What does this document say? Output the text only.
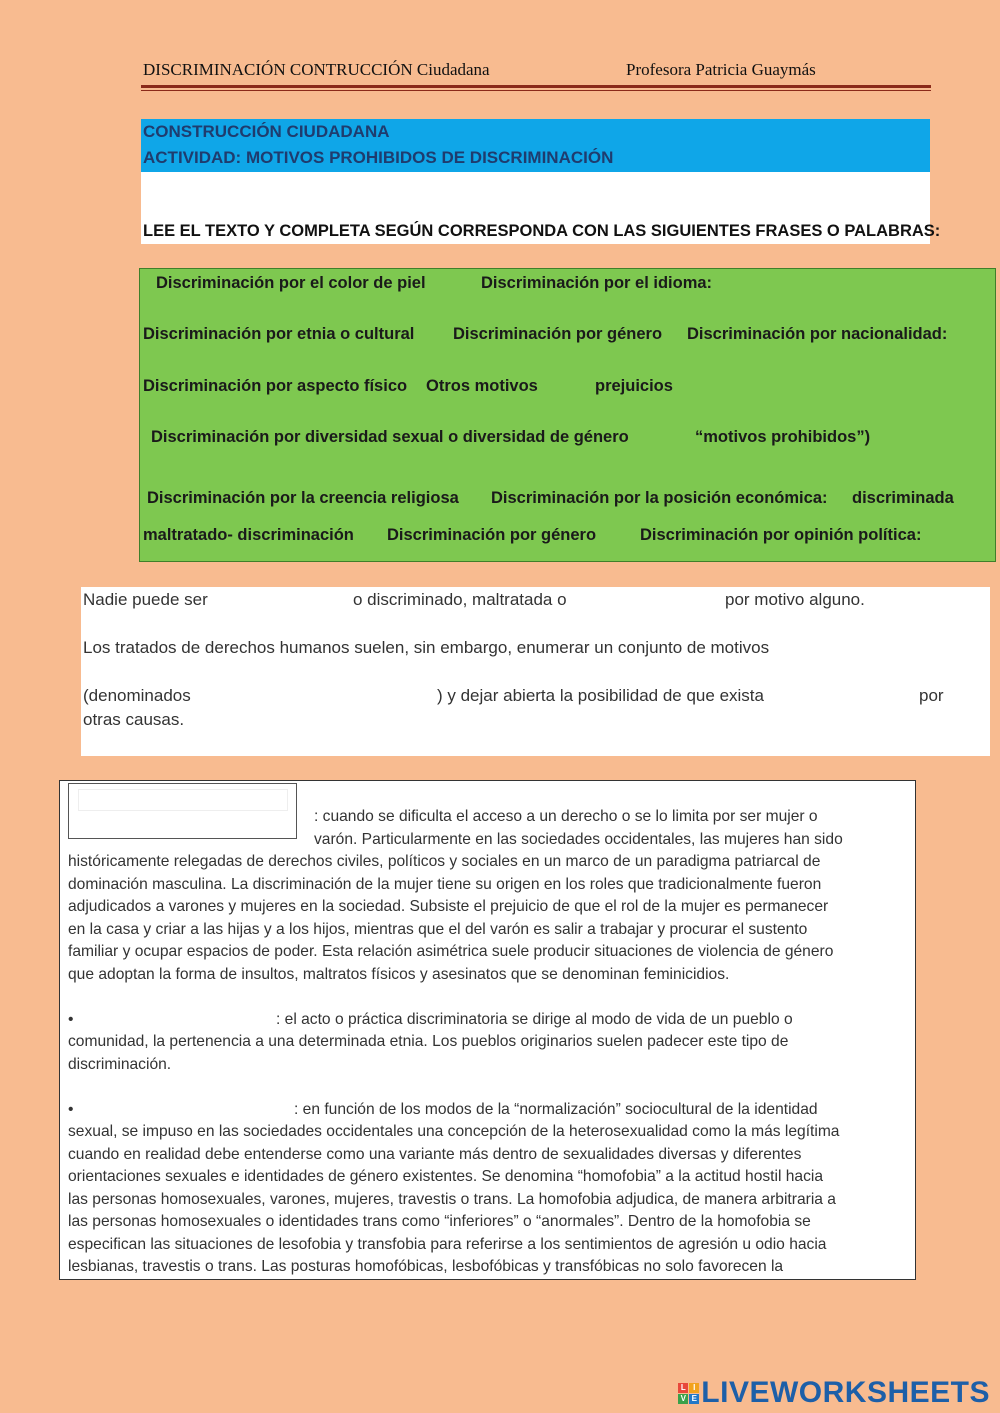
DISCRIMINACIÓN CONTRUCCIÓN Ciudadana	Profesora Patricia Guaymás
CONSTRUCCIÓN CIUDADANA
ACTIVIDAD: MOTIVOS PROHIBIDOS DE DISCRIMINACIÓN
LEE EL TEXTO Y COMPLETA SEGÚN CORRESPONDA CON LAS SIGUIENTES FRASES O PALABRAS:
Discriminación por el color de piel	Discriminación por el idioma:
Discriminación por etnia o cultural Discriminación por género Discriminación por nacionalidad:
Discriminación por aspecto físico Otros motivos	prejuicios
Discriminación por diversidad sexual o diversidad de género	“motivos prohibidos”)
Discriminación por la creencia religiosa Discriminación por la posición económica: discriminada
maltratado- discriminación Discriminación por género	Discriminación por opinión política:
Nadie puede ser	o discriminado, maltratada o	por motivo alguno.
Los tratados de derechos humanos suelen, sin embargo, enumerar un conjunto de motivos
(denominados	) y dejar abierta la posibilidad de que exista	por
otras causas.
: cuando se dificulta el acceso a un derecho o se lo limita por ser mujer o
varón. Particularmente en las sociedades occidentales, las mujeres han sido
históricamente relegadas de derechos civiles, políticos y sociales en un marco de un paradigma patriarcal de
dominación masculina. La discriminación de la mujer tiene su origen en los roles que tradicionalmente fueron
adjudicados a varones y mujeres en la sociedad. Subsiste el prejuicio de que el rol de la mujer es permanecer
en la casa y criar a las hijas y a los hijos, mientras que el del varón es salir a trabajar y procurar el sustento
familiar y ocupar espacios de poder. Esta relación asimétrica suele producir situaciones de violencia de género
que adoptan la forma de insultos, maltratos físicos y asesinatos que se denominan feminicidios.
•	: el acto o práctica discriminatoria se dirige al modo de vida de un pueblo o
comunidad, la pertenencia a una determinada etnia. Los pueblos originarios suelen padecer este tipo de
discriminación.
•	: en función de los modos de la “normalización” sociocultural de la identidad
sexual, se impuso en las sociedades occidentales una concepción de la heterosexualidad como la más legítima
cuando en realidad debe entenderse como una variante más dentro de sexualidades diversas y diferentes
orientaciones sexuales e identidades de género existentes. Se denomina “homofobia” a la actitud hostil hacia
las personas homosexuales, varones, mujeres, travestis o trans. La homofobia adjudica, de manera arbitraria a
las personas homosexuales o identidades trans como “inferiores” o “anormales”. Dentro de la homofobia se
especifican las situaciones de lesofobia y transfobia para referirse a los sentimientos de agresión u odio hacia
lesbianas, travestis o trans. Las posturas homofóbicas, lesbofóbicas y transfóbicas no solo favorecen la
L I
V E LIVEWORKSHEETS
